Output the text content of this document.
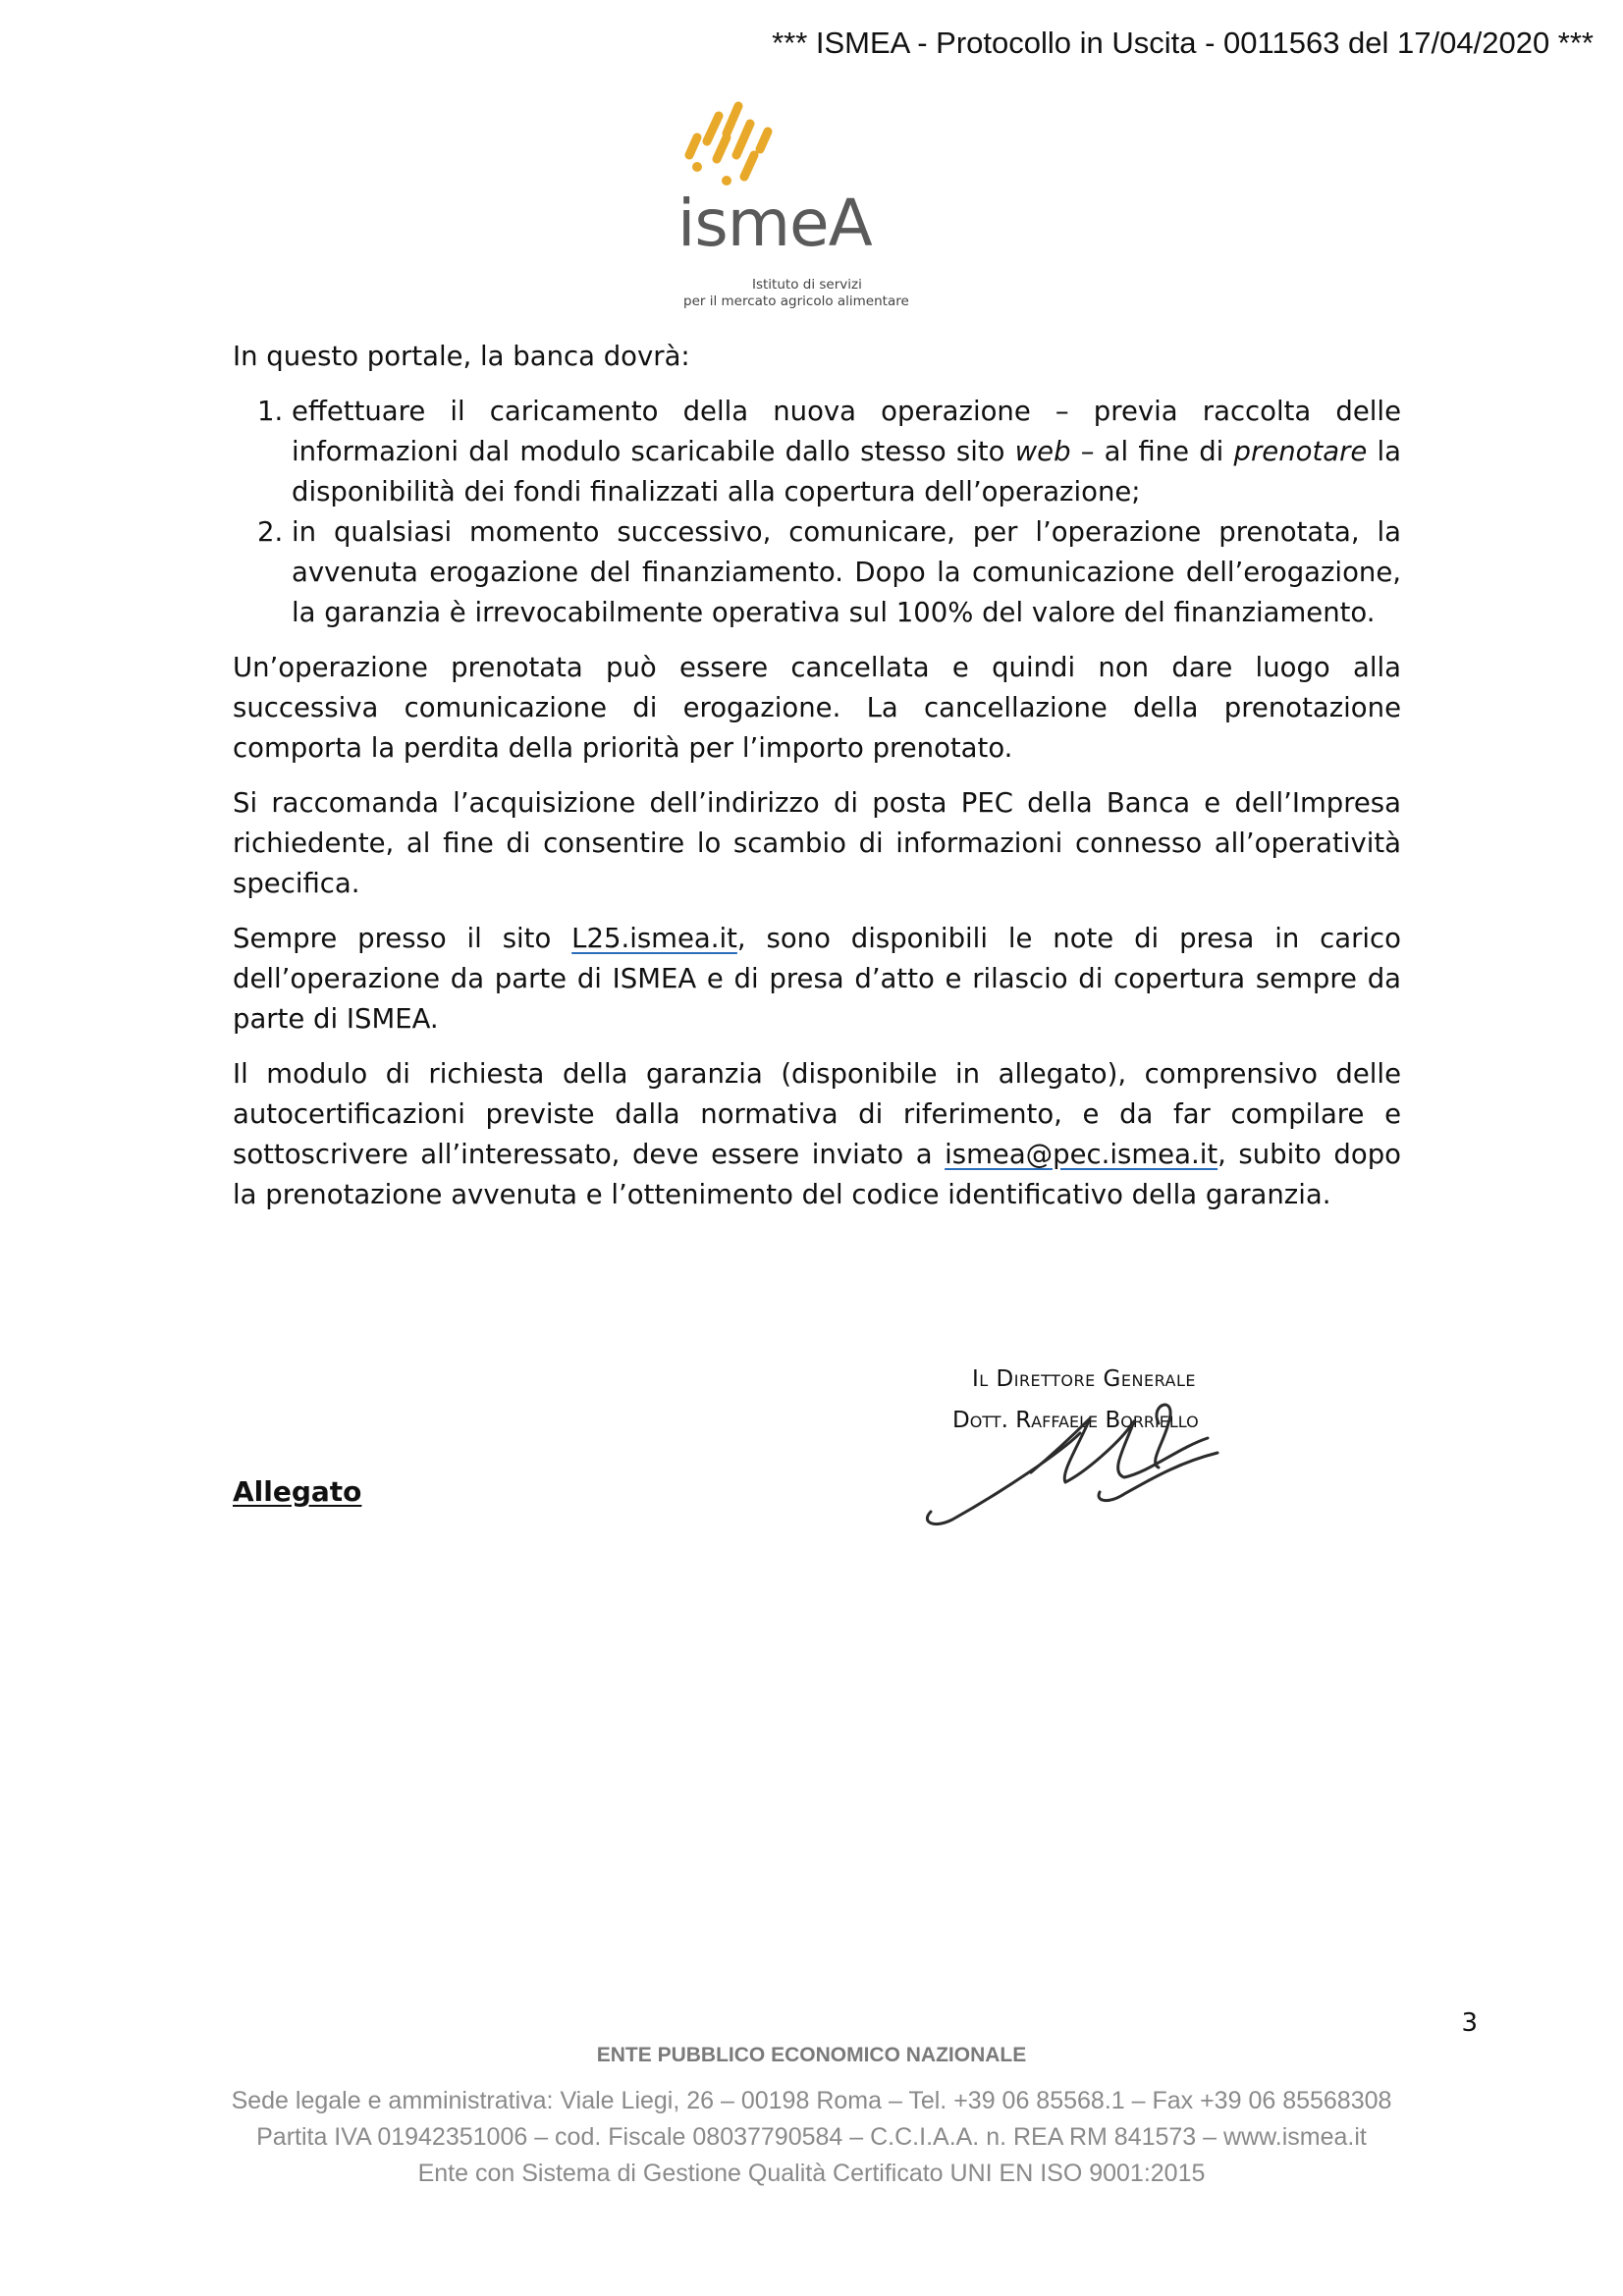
*** ISMEA - Protocollo in Uscita - 0011563 del 17/04/2020 ***
ismeA
Istituto di servizi
per il mercato agricolo alimentare

In questo portale, la banca dovrà:

1. effettuare il caricamento della nuova operazione – previa raccolta delle informazioni dal modulo scaricabile dallo stesso sito web – al fine di prenotare la disponibilità dei fondi finalizzati alla copertura dell’operazione;
2. in qualsiasi momento successivo, comunicare, per l’operazione prenotata, la avvenuta erogazione del finanziamento. Dopo la comunicazione dell’erogazione, la garanzia è irrevocabilmente operativa sul 100% del valore del finanziamento.

Un’operazione prenotata può essere cancellata e quindi non dare luogo alla successiva comunicazione di erogazione. La cancellazione della prenotazione comporta la perdita della priorità per l’importo prenotato.

Si raccomanda l’acquisizione dell’indirizzo di posta PEC della Banca e dell’Impresa richiedente, al fine di consentire lo scambio di informazioni connesso all’operatività specifica.

Sempre presso il sito L25.ismea.it, sono disponibili le note di presa in carico dell’operazione da parte di ISMEA e di presa d’atto e rilascio di copertura sempre da parte di ISMEA.

Il modulo di richiesta della garanzia (disponibile in allegato), comprensivo delle autocertificazioni previste dalla normativa di riferimento, e da far compilare e sottoscrivere all’interessato, deve essere inviato a ismea@pec.ismea.it, subito dopo la prenotazione avvenuta e l’ottenimento del codice identificativo della garanzia.

Il Direttore Generale
Dott. Raffaele Borriello
Allegato
3
ENTE PUBBLICO ECONOMICO NAZIONALE
Sede legale e amministrativa: Viale Liegi, 26 – 00198 Roma – Tel. +39 06 85568.1 – Fax +39 06 85568308
Partita IVA 01942351006 – cod. Fiscale 08037790584 – C.C.I.A.A. n. REA RM 841573 – www.ismea.it
Ente con Sistema di Gestione Qualità Certificato UNI EN ISO 9001:2015
